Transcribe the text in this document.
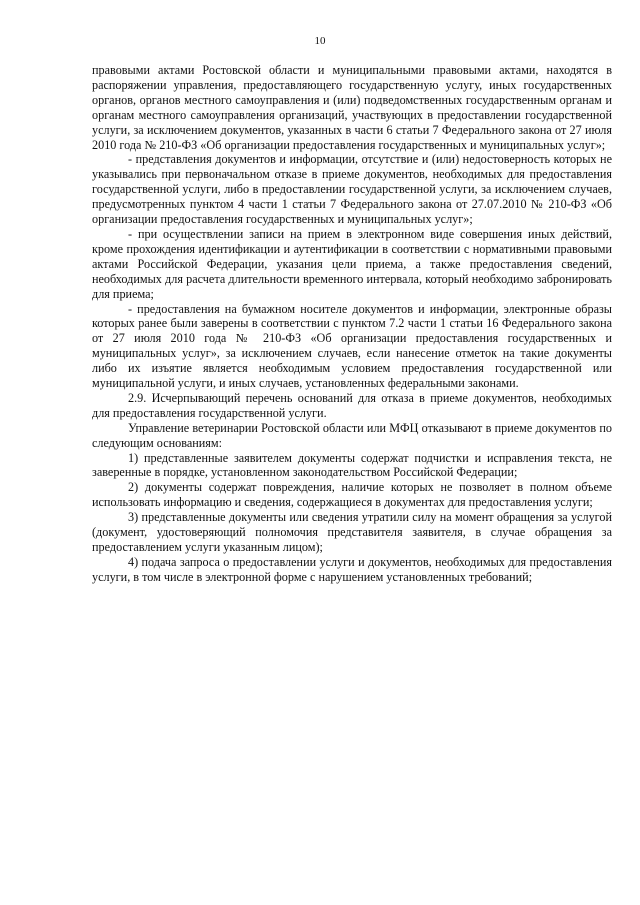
10

правовыми актами Ростовской области и муниципальными правовыми актами, находятся в распоряжении управления, предоставляющего государственную услугу, иных государственных органов, органов местного самоуправления и (или) подведомственных государственным органам и органам местного самоуправления организаций, участвующих в предоставлении государственной услуги, за исключением документов, указанных в части 6 статьи 7 Федерального закона от 27 июля 2010 года № 210-ФЗ «Об организации предоставления государственных и муниципальных услуг»;

- представления документов и информации, отсутствие и (или) недостоверность которых не указывались при первоначальном отказе в приеме документов, необходимых для предоставления государственной услуги, либо в предоставлении государственной услуги, за исключением случаев, предусмотренных пунктом 4 части 1 статьи 7 Федерального закона от 27.07.2010 № 210-ФЗ «Об организации предоставления государственных и муниципальных услуг»;

- при осуществлении записи на прием в электронном виде совершения иных действий, кроме прохождения идентификации и аутентификации в соответствии с нормативными правовыми актами Российской Федерации, указания цели приема, а также предоставления сведений, необходимых для расчета длительности временного интервала, который необходимо забронировать для приема;

- предоставления на бумажном носителе документов и информации, электронные образы которых ранее были заверены в соответствии с пунктом 7.2 части 1 статьи 16 Федерального закона от 27 июля 2010 года № 210-ФЗ «Об организации предоставления государственных и муниципальных услуг», за исключением случаев, если нанесение отметок на такие документы либо их изъятие является необходимым условием предоставления государственной или муниципальной услуги, и иных случаев, установленных федеральными законами.

2.9. Исчерпывающий перечень оснований для отказа в приеме документов, необходимых для предоставления государственной услуги.

Управление ветеринарии Ростовской области или МФЦ отказывают в приеме документов по следующим основаниям:

1) представленные заявителем документы содержат подчистки и исправления текста, не заверенные в порядке, установленном законодательством Российской Федерации;

2) документы содержат повреждения, наличие которых не позволяет в полном объеме использовать информацию и сведения, содержащиеся в документах для предоставления услуги;

3) представленные документы или сведения утратили силу на момент обращения за услугой (документ, удостоверяющий полномочия представителя заявителя, в случае обращения за предоставлением услуги указанным лицом);

4) подача запроса о предоставлении услуги и документов, необходимых для предоставления услуги, в том числе в электронной форме с нарушением установленных требований;
